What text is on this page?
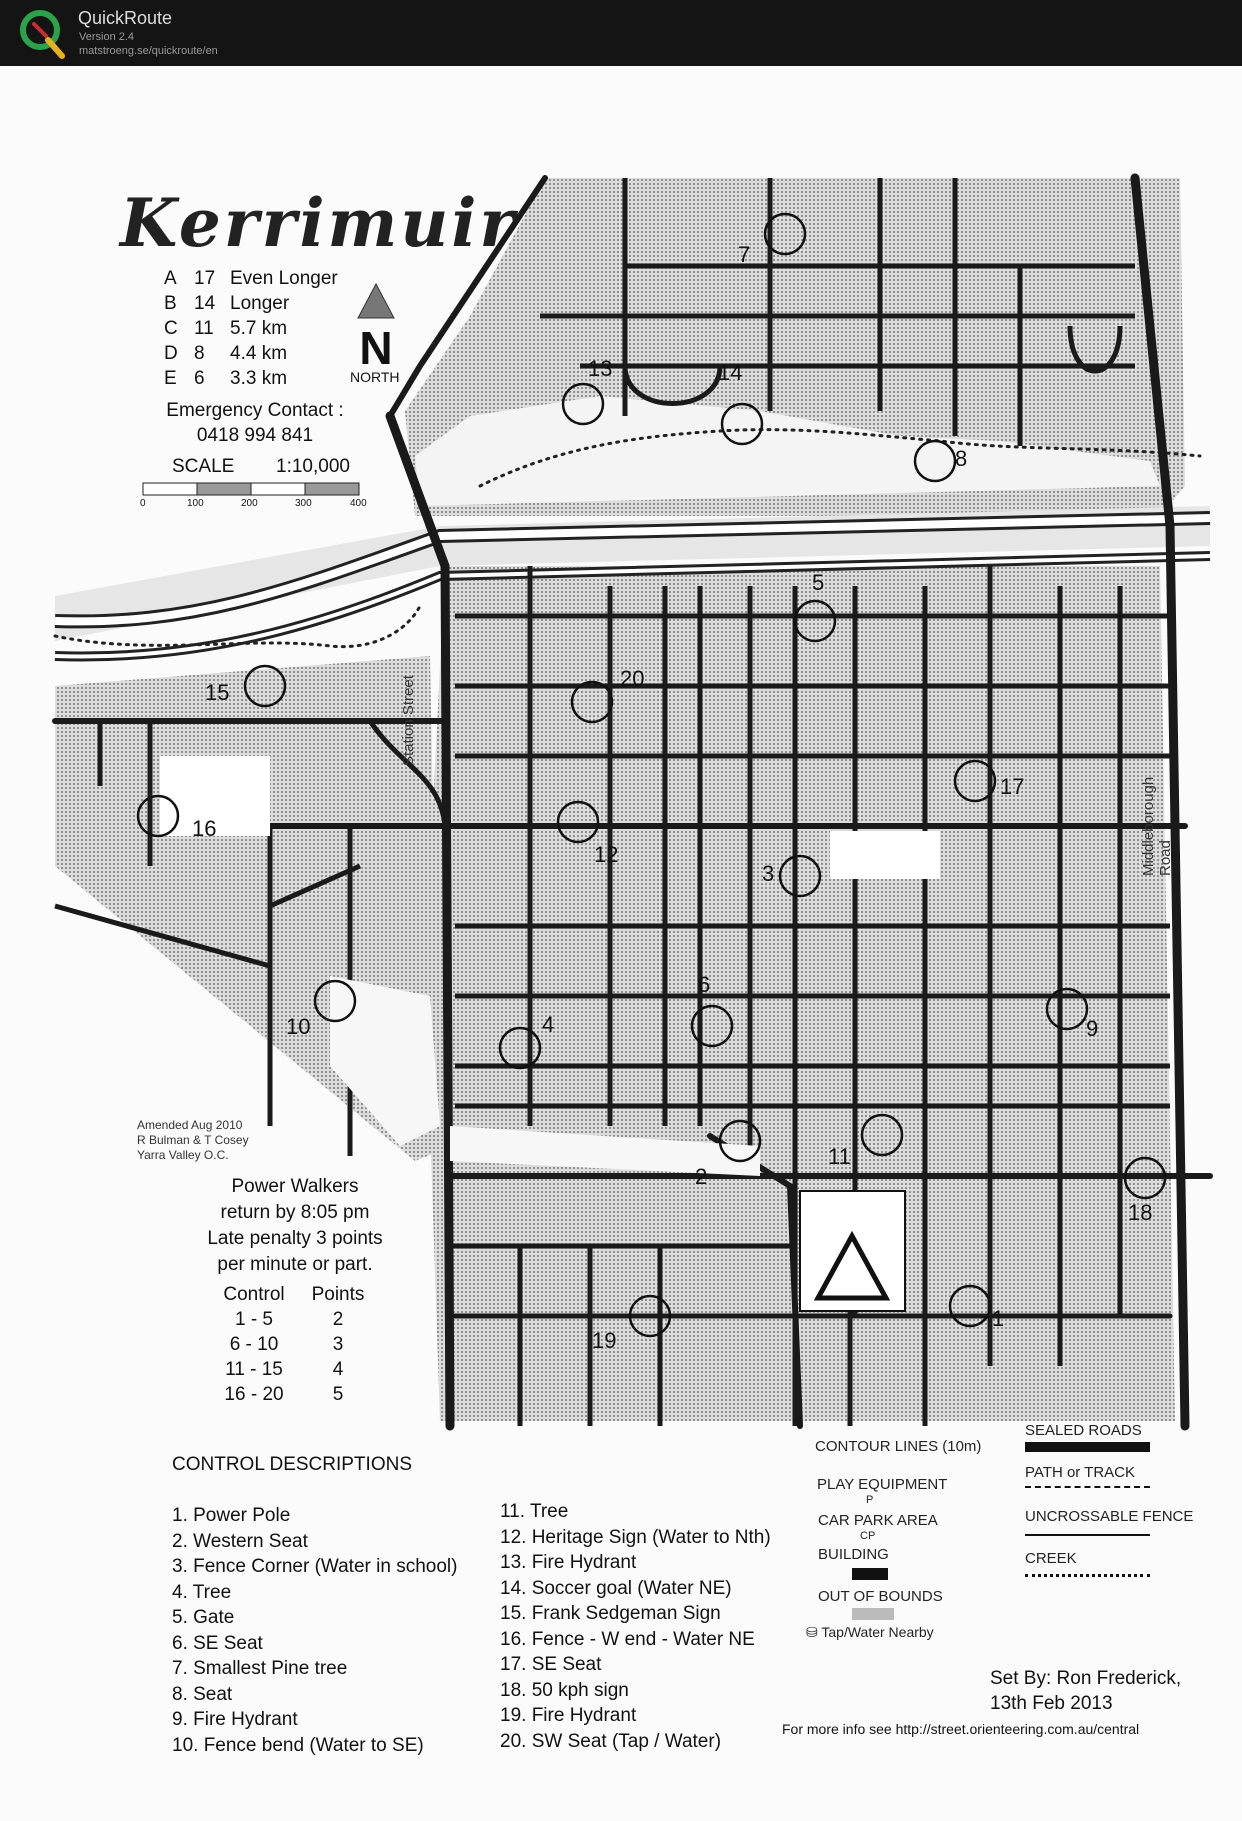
QuickRoute
Version 2.4
matstroeng.se/quickroute/en
Kerrimuir
A 17 Even Longer
B 14 Longer
C 11 5.7 km
D 8 4.4 km
E 6 3.3 km
N
NORTH
Emergency Contact :
0418 994 841
SCALE 1:10,000
0	100	200	300	400
Station Street
Middleborough Road
Amended Aug 2010
R Bulman & T Cosey
Yarra Valley O.C.
Power Walkers
return by 8:05 pm
Late penalty 3 points
per minute or part.
Control Points
1 - 5	2
6 - 10	3
11 - 15	4
16 - 20	5
CONTROL DESCRIPTIONS
1. Power Pole
2. Western Seat
3. Fence Corner (Water in school)
4. Tree
5. Gate
6. SE Seat
7. Smallest Pine tree
8. Seat
9. Fire Hydrant
10. Fence bend (Water to SE)
11. Tree
12. Heritage Sign (Water to Nth)
13. Fire Hydrant
14. Soccer goal (Water NE)
15. Frank Sedgeman Sign
16. Fence - W end - Water NE
17. SE Seat
18. 50 kph sign
19. Fire Hydrant
20. SW Seat (Tap / Water)
CONTOUR LINES (10m)
PLAY EQUIPMENT
P
CAR PARK AREA
CP
BUILDING
OUT OF BOUNDS
⛁ Tap/Water Nearby
SEALED ROADS
PATH or TRACK
UNCROSSABLE FENCE
CREEK
Set By: Ron Frederick,
13th Feb 2013
For more info see http://street.orienteering.com.au/central
1
2
3
4
5
6
7
8
9
10
11
12
13	14
15
16
17
18
19
20
